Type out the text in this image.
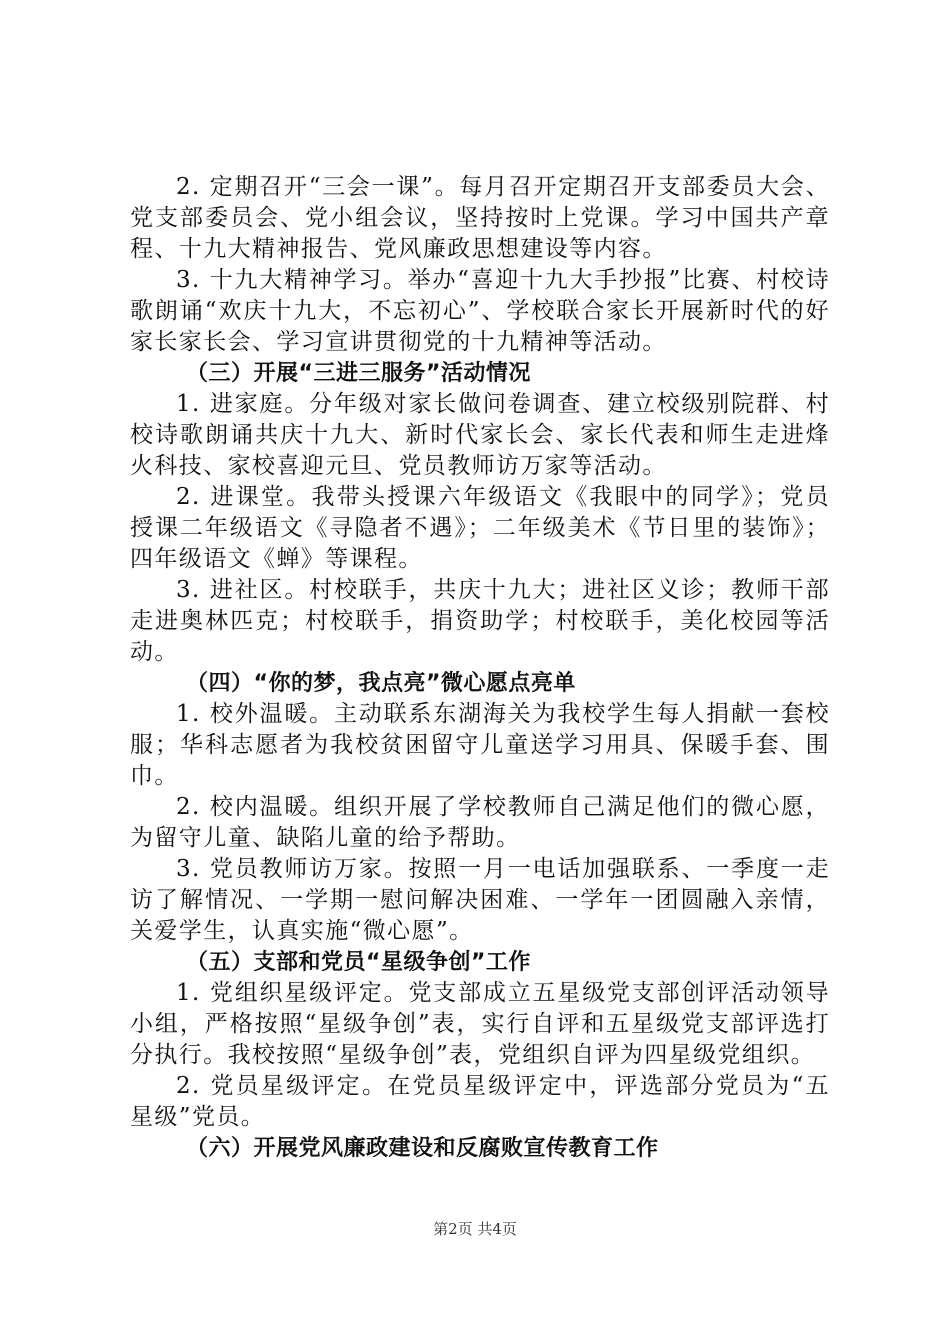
2. 定期召开“三会一课”。每月召开定期召开支部委员大会、党支部委员会、党小组会议，坚持按时上党课。学习中国共产章程、十九大精神报告、党风廉政思想建设等内容。

3. 十九大精神学习。举办“喜迎十九大手抄报”比赛、村校诗歌朗诵“欢庆十九大，不忘初心”、学校联合家长开展新时代的好家长家长会、学习宣讲贯彻党的十九精神等活动。

（三）开展“三进三服务”活动情况

1. 进家庭。分年级对家长做问卷调查、建立校级别院群、村校诗歌朗诵共庆十九大、新时代家长会、家长代表和师生走进烽火科技、家校喜迎元旦、党员教师访万家等活动。

2. 进课堂。我带头授课六年级语文《我眼中的同学》；党员授课二年级语文《寻隐者不遇》；二年级美术《节日里的装饰》；四年级语文《蝉》等课程。

3. 进社区。村校联手，共庆十九大；进社区义诊；教师干部走进奥林匹克；村校联手，捐资助学；村校联手，美化校园等活动。

（四）“你的梦，我点亮”微心愿点亮单

1. 校外温暖。主动联系东湖海关为我校学生每人捐献一套校服；华科志愿者为我校贫困留守儿童送学习用具、保暖手套、围巾。

2. 校内温暖。组织开展了学校教师自己满足他们的微心愿，为留守儿童、缺陷儿童的给予帮助。

3. 党员教师访万家。按照一月一电话加强联系、一季度一走访了解情况、一学期一慰问解决困难、一学年一团圆融入亲情，关爱学生，认真实施“微心愿”。

（五）支部和党员“星级争创”工作

1. 党组织星级评定。党支部成立五星级党支部创评活动领导小组，严格按照“星级争创”表，实行自评和五星级党支部评选打分执行。我校按照“星级争创”表，党组织自评为四星级党组织。

2. 党员星级评定。在党员星级评定中，评选部分党员为“五星级”党员。

（六）开展党风廉政建设和反腐败宣传教育工作

第2页 共4页
